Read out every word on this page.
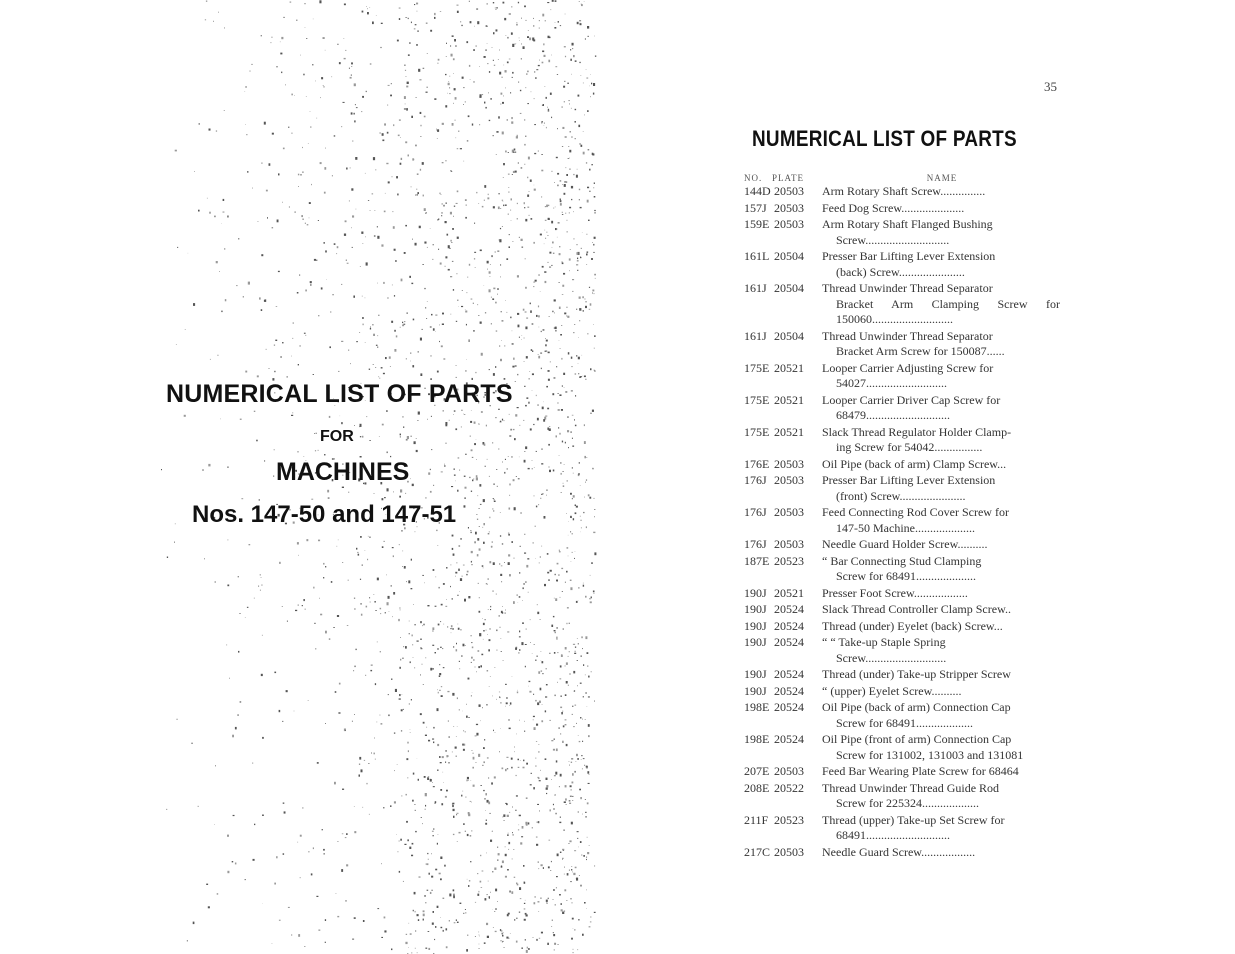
NUMERICAL LIST OF PARTS

FOR

MACHINES

Nos. 147-50 and 147-51

35
NUMERICAL LIST OF PARTS
NO.	PLATE	NAME
144D 20503	Arm Rotary Shaft Screw...............
157J 20503	Feed Dog Screw.....................
159E 20503	Arm Rotary Shaft Flanged Bushing
Screw............................
161L 20504	Presser Bar Lifting Lever Extension
(back) Screw......................
161J 20504	Thread Unwinder Thread Separator
Bracket Arm Clamping Screw for 150060...........................
161J 20504	Thread Unwinder Thread Separator
Bracket Arm Screw for 150087......
175E 20521	Looper Carrier Adjusting Screw for
54027...........................
175E 20521	Looper Carrier Driver Cap Screw for
68479............................
175E 20521	Slack Thread Regulator Holder Clamp-
ing Screw for 54042................
176E 20503	Oil Pipe (back of arm) Clamp Screw...
176J 20503	Presser Bar Lifting Lever Extension
(front) Screw......................
176J 20503	Feed Connecting Rod Cover Screw for
147-50 Machine....................
176J 20503	Needle Guard Holder Screw..........
187E 20523	“ Bar Connecting Stud Clamping
Screw for 68491....................
190J 20521	Presser Foot Screw..................
190J 20524	Slack Thread Controller Clamp Screw..
190J 20524	Thread (under) Eyelet (back) Screw...
190J 20524	“ “ Take-up Staple Spring
Screw...........................
190J 20524	Thread (under) Take-up Stripper Screw
190J 20524	“ (upper) Eyelet Screw..........
198E 20524	Oil Pipe (back of arm) Connection Cap
Screw for 68491...................
198E 20524	Oil Pipe (front of arm) Connection Cap
Screw for 131002, 131003 and 131081
207E 20503	Feed Bar Wearing Plate Screw for 68464
208E 20522	Thread Unwinder Thread Guide Rod
Screw for 225324...................
211F 20523	Thread (upper) Take-up Set Screw for
68491............................
217C 20503	Needle Guard Screw..................
